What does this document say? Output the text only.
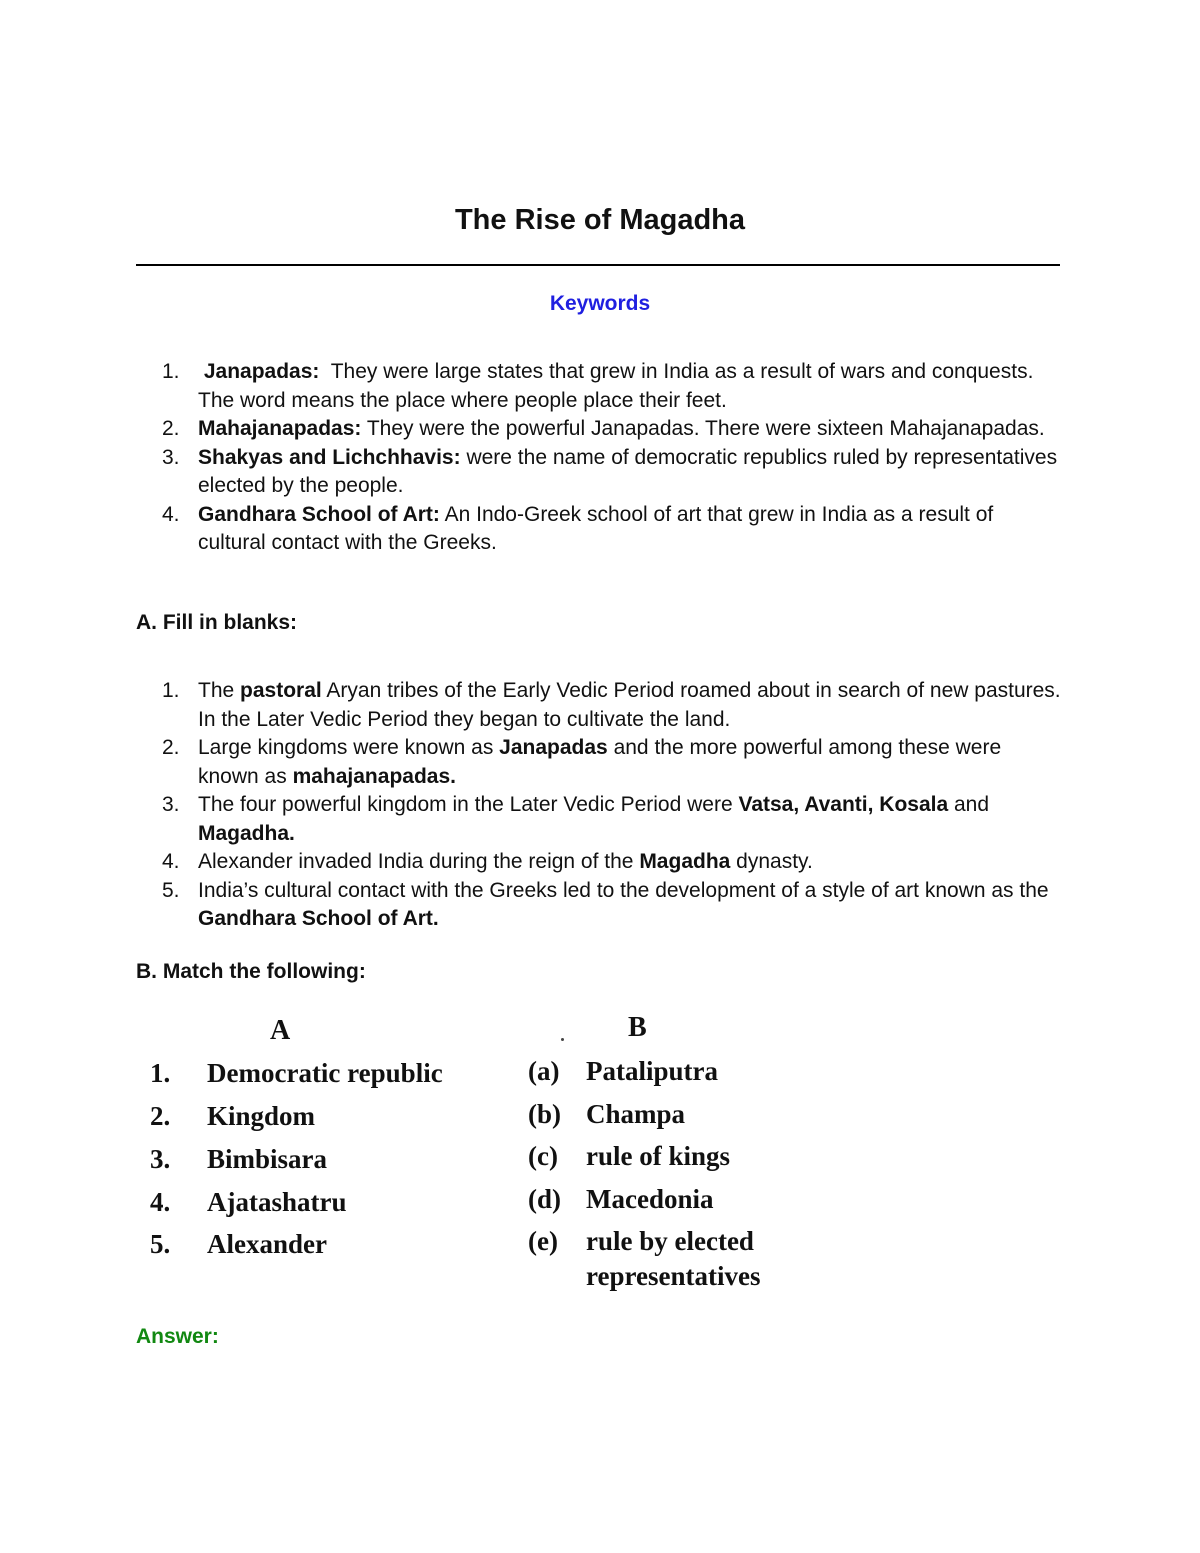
The Rise of Magadha
Keywords
1. Janapadas: They were large states that grew in India as a result of wars and conquests. The word means the place where people place their feet.
2. Mahajanapadas: They were the powerful Janapadas. There were sixteen Mahajanapadas.
3. Shakyas and Lichchhavis: were the name of democratic republics ruled by representatives elected by the people.
4. Gandhara School of Art: An Indo-Greek school of art that grew in India as a result of cultural contact with the Greeks.
A. Fill in blanks:
1. The pastoral Aryan tribes of the Early Vedic Period roamed about in search of new pastures. In the Later Vedic Period they began to cultivate the land.
2. Large kingdoms were known as Janapadas and the more powerful among these were known as mahajanapadas.
3. The four powerful kingdom in the Later Vedic Period were Vatsa, Avanti, Kosala and Magadha.
4. Alexander invaded India during the reign of the Magadha dynasty.
5. India’s cultural contact with the Greeks led to the development of a style of art known as the Gandhara School of Art.
B. Match the following:
A	B
1. Democratic republic
2. Kingdom
3. Bimbisara
4. Ajatashatru
5. Alexander
(a) Pataliputra
(b) Champa
(c) rule of kings
(d) Macedonia
(e) rule by elected
representatives
Answer:
